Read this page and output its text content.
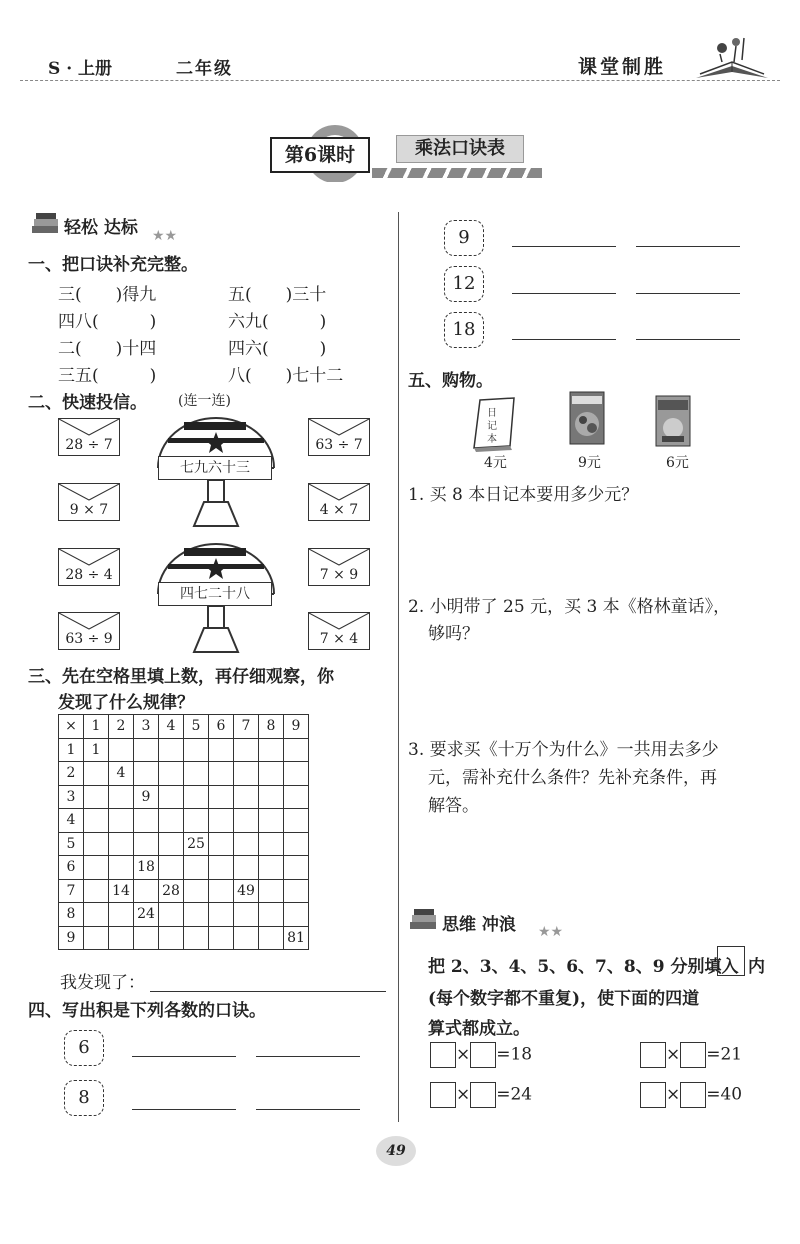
S · 上册	二年级	课堂制胜
第6课时	乘法口诀表
轻松 达标 ★★
一、把口诀补充完整。
三(　　)得九	五(　　)三十
四八(　　　)	六九(　　　)
二(　　)十四	四六(　　　)
三五(　　　)	八(　　)七十二
二、快速投信。 (连一连)
28 ÷ 7
9 × 7
28 ÷ 4
63 ÷ 9
63 ÷ 7
4 × 7
7 × 9
7 × 4
七九六十三
四七二十八
三、先在空格里填上数，再仔细观察，你
发现了什么规律？
×	1	2	3	4	5	6	7	8	9
1	1								
2		4							
3			9						
4									
5					25				
6			18						
7		14		28			49		
8			24						
9									81
我发现了：
四、写出积是下列各数的口诀。
6
8
9
12
18
五、购物。
日
记
本
4元	9元	6元
1. 买 8 本日记本要用多少元？
2. 小明带了 25 元，买 3 本《格林童话》，
够吗？
3. 要求买《十万个为什么》一共用去多少
元，需补充什么条件？先补充条件，再
解答。
思维 冲浪 ★★
把 2、3、4、5、6、7、8、9 分别填入 内
(每个数字都不重复)，使下面的四道
算式都成立。
× =18	× =21
× =24	× =40
49
